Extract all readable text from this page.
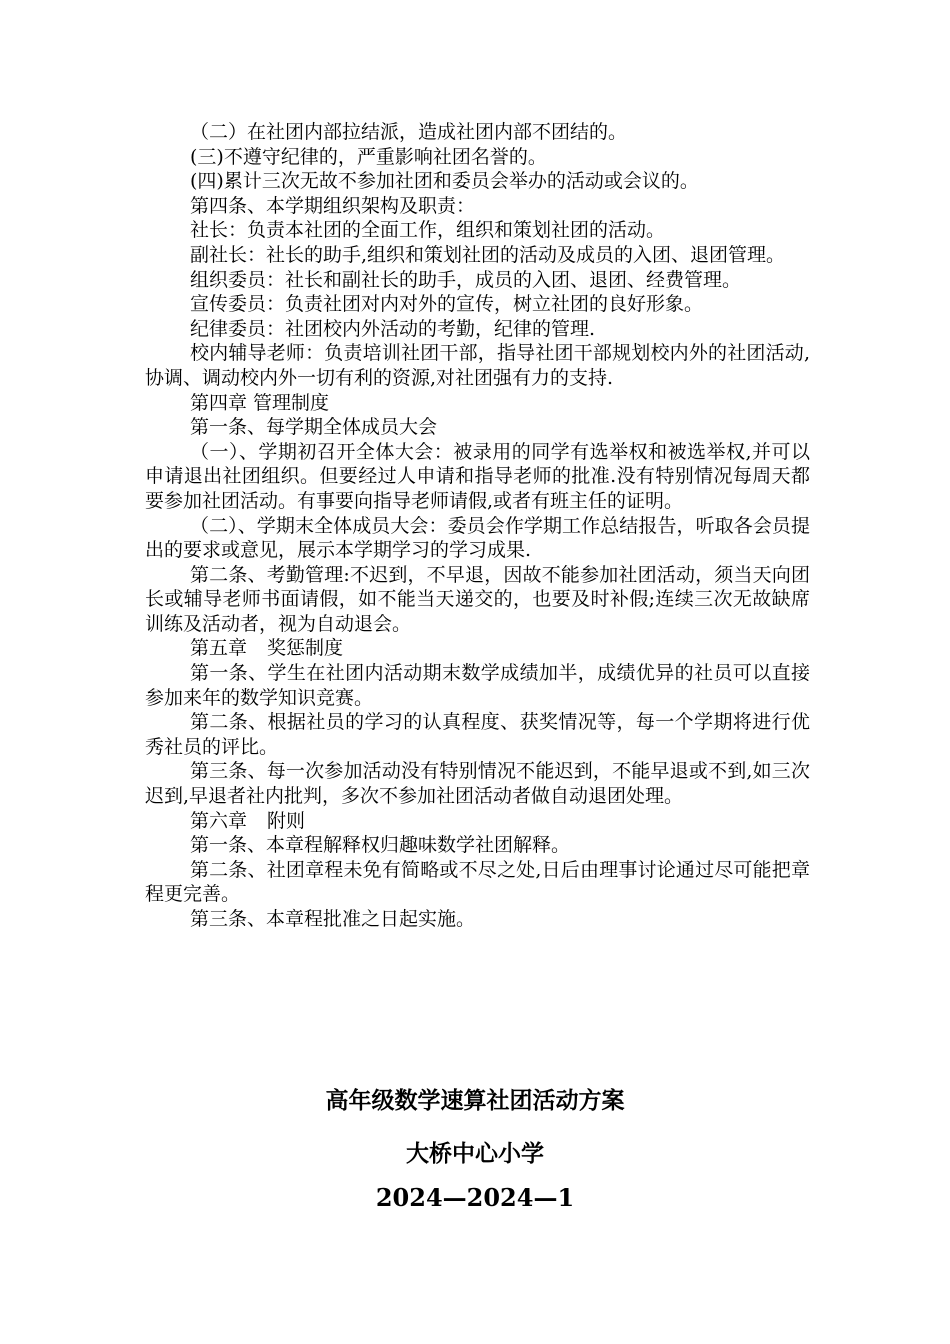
（二）在社团内部拉结派，造成社团内部不团结的。

(三)不遵守纪律的，严重影响社团名誉的。

(四)累计三次无故不参加社团和委员会举办的活动或会议的。

第四条、本学期组织架构及职责：

社长：负责本社团的全面工作，组织和策划社团的活动。

副社长：社长的助手,组织和策划社团的活动及成员的入团、退团管理。

组织委员：社长和副社长的助手，成员的入团、退团、经费管理。

宣传委员：负责社团对内对外的宣传，树立社团的良好形象。

纪律委员：社团校内外活动的考勤，纪律的管理.

校内辅导老师：负责培训社团干部，指导社团干部规划校内外的社团活动,协调、调动校内外一切有利的资源,对社团强有力的支持.

第四章 管理制度

第一条、每学期全体成员大会

（一）、学期初召开全体大会：被录用的同学有选举权和被选举权,并可以申请退出社团组织。但要经过人申请和指导老师的批准.没有特别情况每周天都要参加社团活动。有事要向指导老师请假,或者有班主任的证明。

（二）、学期末全体成员大会：委员会作学期工作总结报告，听取各会员提出的要求或意见，展示本学期学习的学习成果.

第二条、考勤管理:不迟到，不早退，因故不能参加社团活动，须当天向团长或辅导老师书面请假，如不能当天递交的，也要及时补假;连续三次无故缺席训练及活动者，视为自动退会。

第五章 奖惩制度

第一条、学生在社团内活动期末数学成绩加半，成绩优异的社员可以直接参加来年的数学知识竞赛。

第二条、根据社员的学习的认真程度、获奖情况等，每一个学期将进行优秀社员的评比。

第三条、每一次参加活动没有特别情况不能迟到，不能早退或不到,如三次迟到,早退者社内批判，多次不参加社团活动者做自动退团处理。

第六章 附则

第一条、本章程解释权归趣味数学社团解释。

第二条、社团章程未免有简略或不尽之处,日后由理事讨论通过尽可能把章程更完善。

第三条、本章程批准之日起实施。

高年级数学速算社团活动方案
大桥中心小学
2024—2024—1
